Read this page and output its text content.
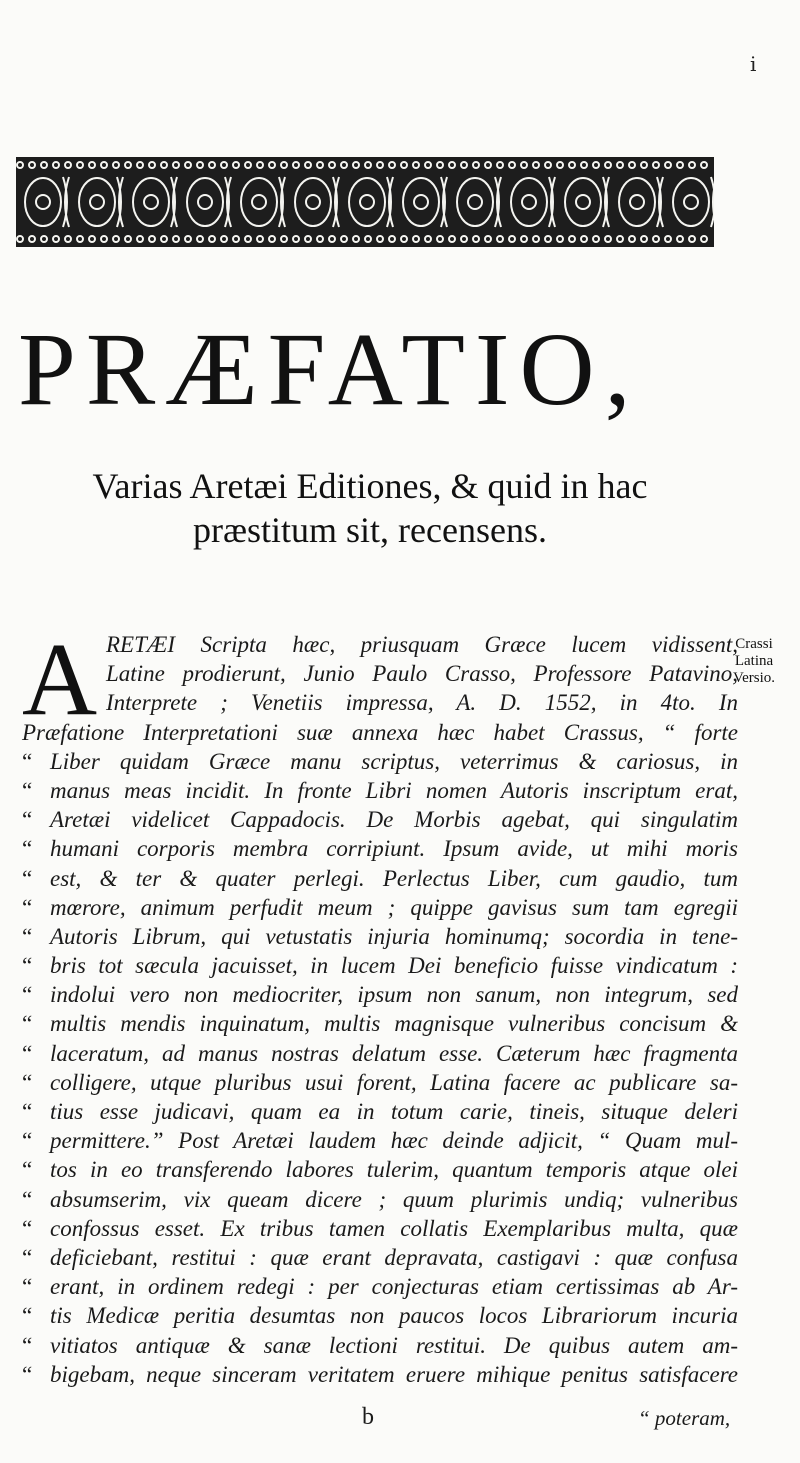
i
PRÆFATIO,
Varias Aretæi Editiones, & quid in hac
præstitum sit, recensens.
A	Crassi Latina Versio.
RETÆI Scripta hæc, priusquam Græce lucem vidissent,
Latine prodierunt, Junio Paulo Crasso, Professore Patavino,
Interprete ; Venetiis impressa, A. D. 1552, in 4to. In
Præfatione Interpretationi suæ annexa hæc habet Crassus, “ forte
“ Liber quidam Græce manu scriptus, veterrimus & cariosus, in
“ manus meas incidit. In fronte Libri nomen Autoris inscriptum erat,
“ Aretæi videlicet Cappadocis. De Morbis agebat, qui singulatim
“ humani corporis membra corripiunt. Ipsum avide, ut mihi moris
“ est, & ter & quater perlegi. Perlectus Liber, cum gaudio, tum
“ mœrore, animum perfudit meum ; quippe gavisus sum tam egregii
“ Autoris Librum, qui vetustatis injuria hominumq; socordia in tene-
“ bris tot sæcula jacuisset, in lucem Dei beneficio fuisse vindicatum :
“ indolui vero non mediocriter, ipsum non sanum, non integrum, sed
“ multis mendis inquinatum, multis magnisque vulneribus concisum &
“ laceratum, ad manus nostras delatum esse. Cæterum hæc fragmenta
“ colligere, utque pluribus usui forent, Latina facere ac publicare sa-
“ tius esse judicavi, quam ea in totum carie, tineis, situque deleri
“ permittere.” Post Aretæi laudem hæc deinde adjicit, “ Quam mul-
“ tos in eo transferendo labores tulerim, quantum temporis atque olei
“ absumserim, vix queam dicere ; quum plurimis undiq; vulneribus
“ confossus esset. Ex tribus tamen collatis Exemplaribus multa, quæ
“ deficiebant, restitui : quæ erant depravata, castigavi : quæ confusa
“ erant, in ordinem redegi : per conjecturas etiam certissimas ab Ar-
“ tis Medicæ peritia desumtas non paucos locos Librariorum incuria
“ vitiatos antiquæ & sanæ lectioni restitui. De quibus autem am-
“ bigebam, neque sinceram veritatem eruere mihique penitus satisfacere
b	“ poteram,
